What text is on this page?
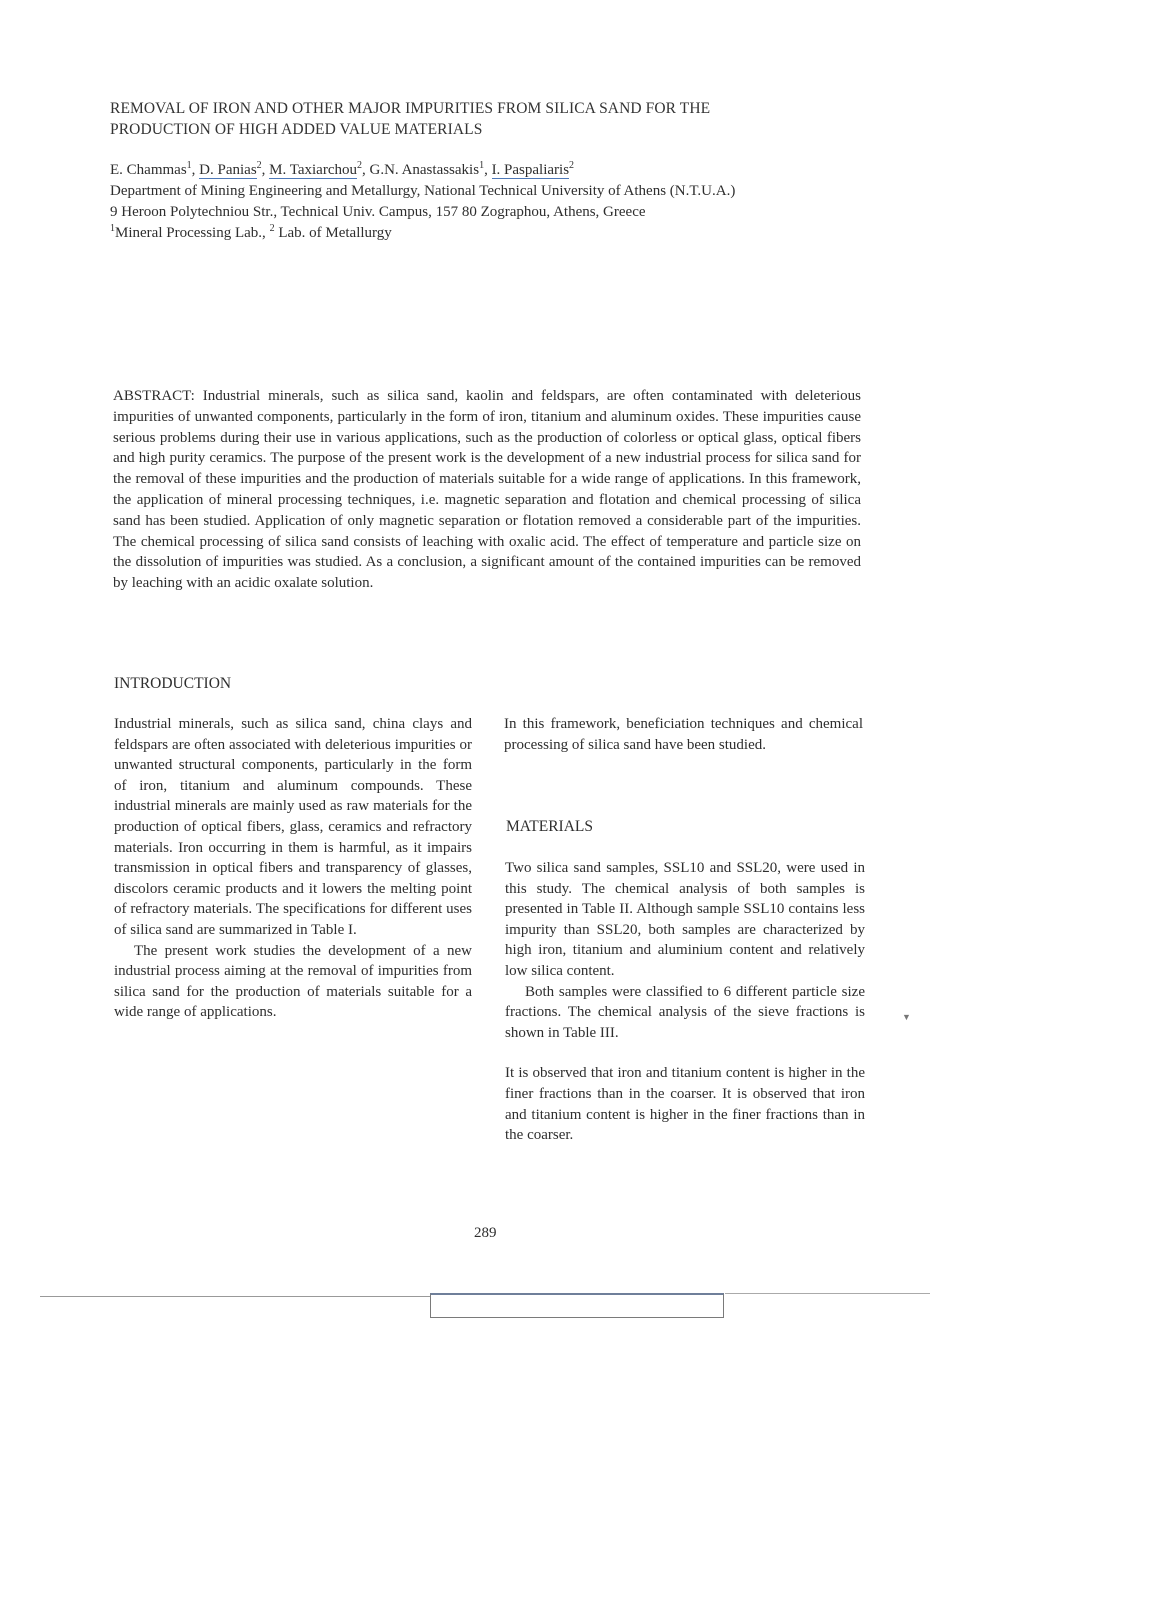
REMOVAL OF IRON AND OTHER MAJOR IMPURITIES FROM SILICA SAND FOR THE
PRODUCTION OF HIGH ADDED VALUE MATERIALS
E. Chammas$^1$, D. Panias$^2$, M. Taxiarchou$^2$, G.N. Anastassakis$^1$, I. Paspaliaris$^2$
Department of Mining Engineering and Metallurgy, National Technical University of Athens (N.T.U.A.)
9 Heroon Polytechniou Str., Technical Univ. Campus, 157 80 Zographou, Athens, Greece
$^1$Mineral Processing Lab., $^2$ Lab. of Metallurgy
ABSTRACT: Industrial minerals, such as silica sand, kaolin and feldspars, are often contaminated with deleterious impurities of unwanted components, particularly in the form of iron, titanium and aluminum oxides. These impurities cause serious problems during their use in various applications, such as the production of colorless or optical glass, optical fibers and high purity ceramics. The purpose of the present work is the development of a new industrial process for silica sand for the removal of these impurities and the production of materials suitable for a wide range of applications. In this framework, the application of mineral processing techniques, i.e. magnetic separation and flotation and chemical processing of silica sand has been studied. Application of only magnetic separation or flotation removed a considerable part of the impurities. The chemical processing of silica sand consists of leaching with oxalic acid. The effect of temperature and particle size on the dissolution of impurities was studied. As a conclusion, a significant amount of the contained impurities can be removed by leaching with an acidic oxalate solution.
INTRODUCTION

Industrial minerals, such as silica sand, china clays and feldspars are often associated with deleterious impurities or unwanted structural components, particularly in the form of iron, titanium and aluminum compounds. These industrial minerals are mainly used as raw materials for the production of optical fibers, glass, ceramics and refractory materials. Iron occurring in them is harmful, as it impairs transmission in optical fibers and transparency of glasses, discolors ceramic products and it lowers the melting point of refractory materials. The specifications for different uses of silica sand are summarized in Table I.

The present work studies the development of a new industrial process aiming at the removal of impurities from silica sand for the production of materials suitable for a wide range of applications.

In this framework, beneficiation techniques and chemical processing of silica sand have been studied.

MATERIALS

Two silica sand samples, SSL10 and SSL20, were used in this study. The chemical analysis of both samples is presented in Table II. Although sample SSL10 contains less impurity than SSL20, both samples are characterized by high iron, titanium and aluminium content and relatively low silica content.

Both samples were classified to 6 different particle size fractions. The chemical analysis of the sieve fractions is shown in Table III.

It is observed that iron and titanium content is higher in the finer fractions than in the coarser. It is observed that iron and titanium content is higher in the finer fractions than in the coarser.

289
▼
